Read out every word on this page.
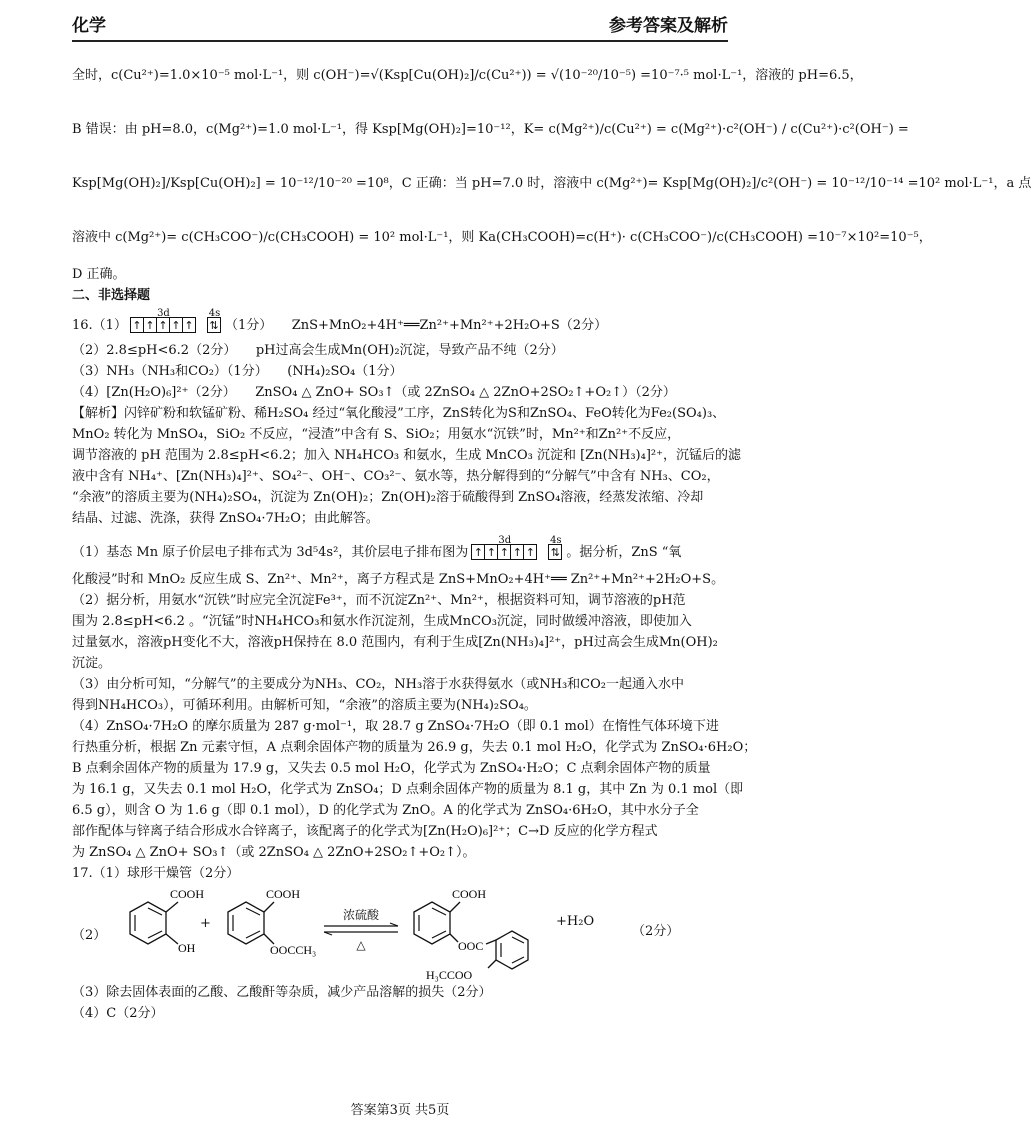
化学	参考答案及解析
全时，c(Cu²⁺)=1.0×10⁻⁵ mol·L⁻¹，则 c(OH⁻)=√(Ksp[Cu(OH)₂]/c(Cu²⁺)) = √(10⁻²⁰/10⁻⁵) =10⁻⁷·⁵ mol·L⁻¹，溶液的 pH=6.5，
B 错误：由 pH=8.0，c(Mg²⁺)=1.0 mol·L⁻¹，得 Ksp[Mg(OH)₂]=10⁻¹²，K= c(Mg²⁺)/c(Cu²⁺) = c(Mg²⁺)·c²(OH⁻) / c(Cu²⁺)·c²(OH⁻) =
Ksp[Mg(OH)₂]/Ksp[Cu(OH)₂] = 10⁻¹²/10⁻²⁰ =10⁸，C 正确：当 pH=7.0 时，溶液中 c(Mg²⁺)= Ksp[Mg(OH)₂]/c²(OH⁻) = 10⁻¹²/10⁻¹⁴ =10² mol·L⁻¹，a 点
溶液中 c(Mg²⁺)= c(CH₃COO⁻)/c(CH₃COOH) = 10² mol·L⁻¹，则 Ka(CH₃COOH)=c(H⁺)· c(CH₃COO⁻)/c(CH₃COOH) =10⁻⁷×10²=10⁻⁵，
D 正确。
二、非选择题
16.（1）
3d
↑ ↑ ↑ ↑ ↑
4s
⇅ （1分）　　ZnS+MnO₂+4H⁺══Zn²⁺+Mn²⁺+2H₂O+S（2分）
（2）2.8≤pH<6.2（2分）　　pH过高会生成Mn(OH)₂沉淀，导致产品不纯（2分）
（3）NH₃（NH₃和CO₂）（1分）　　(NH₄)₂SO₄（1分）
（4）[Zn(H₂O)₆]²⁺（2分）　　ZnSO₄ △ ZnO+ SO₃↑（或 2ZnSO₄ △ 2ZnO+2SO₂↑+O₂↑）（2分）
【解析】闪锌矿粉和软锰矿粉、稀H₂SO₄ 经过“氧化酸浸”工序，ZnS转化为S和ZnSO₄、FeO转化为Fe₂(SO₄)₃、
MnO₂ 转化为 MnSO₄，SiO₂ 不反应，“浸渣”中含有 S、SiO₂；用氨水“沉铁”时，Mn²⁺和Zn²⁺不反应，
调节溶液的 pH 范围为 2.8≤pH<6.2；加入 NH₄HCO₃ 和氨水，生成 MnCO₃ 沉淀和 [Zn(NH₃)₄]²⁺，沉锰后的滤
液中含有 NH₄⁺、[Zn(NH₃)₄]²⁺、SO₄²⁻、OH⁻、CO₃²⁻、氨水等，热分解得到的“分解气”中含有 NH₃、CO₂，
“余液”的溶质主要为(NH₄)₂SO₄，沉淀为 Zn(OH)₂；Zn(OH)₂溶于硫酸得到 ZnSO₄溶液，经蒸发浓缩、冷却
结晶、过滤、洗涤，获得 ZnSO₄·7H₂O；由此解答。
（1）基态 Mn 原子价层电子排布式为 3d⁵4s²，其价层电子排布图为
3d
↑ ↑ ↑ ↑ ↑
4s
⇅ 。据分析，ZnS “氧
化酸浸”时和 MnO₂ 反应生成 S、Zn²⁺、Mn²⁺，离子方程式是 ZnS+MnO₂+4H⁺══ Zn²⁺+Mn²⁺+2H₂O+S。
（2）据分析，用氨水“沉铁”时应完全沉淀Fe³⁺，而不沉淀Zn²⁺、Mn²⁺，根据资料可知，调节溶液的pH范
围为 2.8≤pH<6.2 。“沉锰”时NH₄HCO₃和氨水作沉淀剂，生成MnCO₃沉淀，同时做缓冲溶液，即使加入
过量氨水，溶液pH变化不大，溶液pH保持在 8.0 范围内，有利于生成[Zn(NH₃)₄]²⁺，pH过高会生成Mn(OH)₂
沉淀。
（3）由分析可知，“分解气”的主要成分为NH₃、CO₂，NH₃溶于水获得氨水（或NH₃和CO₂一起通入水中
得到NH₄HCO₃），可循环利用。由解析可知，“余液”的溶质主要为(NH₄)₂SO₄。
（4）ZnSO₄·7H₂O 的摩尔质量为 287 g·mol⁻¹，取 28.7 g ZnSO₄·7H₂O（即 0.1 mol）在惰性气体环境下进
行热重分析，根据 Zn 元素守恒，A 点剩余固体产物的质量为 26.9 g，失去 0.1 mol H₂O，化学式为 ZnSO₄·6H₂O；
B 点剩余固体产物的质量为 17.9 g，又失去 0.5 mol H₂O，化学式为 ZnSO₄·H₂O；C 点剩余固体产物的质量
为 16.1 g，又失去 0.1 mol H₂O，化学式为 ZnSO₄；D 点剩余固体产物的质量为 8.1 g，其中 Zn 为 0.1 mol（即
6.5 g），则含 O 为 1.6 g（即 0.1 mol），D 的化学式为 ZnO。A 的化学式为 ZnSO₄·6H₂O，其中水分子全
部作配体与锌离子结合形成水合锌离子，该配离子的化学式为[Zn(H₂O)₆]²⁺；C→D 反应的化学方程式
为 ZnSO₄ △ ZnO+ SO₃↑（或 2ZnSO₄ △ 2ZnO+2SO₂↑+O₂↑）。
17.（1）球形干燥管（2分）
（2）
COOH
OH
+
COOH
OOCCH₃
浓硫酸
△
COOH
OOC
H₃CCOO
+H₂O
（2分）
（3）除去固体表面的乙酸、乙酸酐等杂质，减少产品溶解的损失（2分）
（4）C（2分）
答案第3页 共5页
